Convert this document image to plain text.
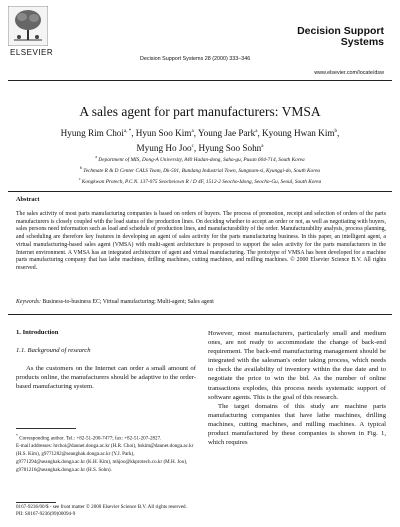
ELSEVIER
Decision Support Systems 28 (2000) 333–346
Decision Support
Systems
www.elsevier.com/locate/dsw
A sales agent for part manufacturers: VMSA
Hyung Rim Choi$^{a, *}$, Hyun Soo Kim$^a$, Young Jae Park$^a$, Kyoung Hwan Kim$^b$,
Myung Ho Joo$^c$, Hyung Soo Sohn$^a$
$^a$ Department of MIS, Dong-A University, 840 Hadan-dong, Saha-gu, Pusan 604-714, South Korea
$^b$ Techmate R & D Center CALS Team, Dk-501, Bundang Industrial Town, Sungnam-si, Kyunggi-do, South Korea
$^c$ Kongkwan Protech, P.C.N. 137-075 Seocheiown R / D 4F, 1512-2 Seocho-Idong, Seocho-Gu, Seoul, South Korea
Abstract
The sales activity of most parts manufacturing companies is based on orders of buyers. The process of promotion, receipt and selection of orders of the parts manufacturers is closely coupled with the load status of the production lines. On deciding whether to accept an order or not, as well as negotiating with buyers, sales persons need information such as load and schedule of production lines, and manufacturability of the order. Manufacturability analysis, process planning, and scheduling are therefore key features in developing an agent of sales activity for the parts manufacturing business. In this paper, an intelligent agent, a virtual manufacturing-based sales agent (VMSA) with multi-agent architecture is proposed to support the sales activity for the parts manufacturers in the Internet environment. A VMSA has an integrated architecture of agent and virtual manufacturing. The prototype of VMSA has been developed for a machine parts manufacturing company that has lathe machines, drilling machines, cutting machines, and milling machines. © 2000 Elsevier Science B.V. All rights reserved.
Keywords: Business-to-business EC; Virtual manufacturing; Multi-agent; Sales agent
1. Introduction
1.1. Background of research
As the customers on the Internet can order a small amount of products online, the manufacturers should be adaptive to the order-based manufacturing system.
* Corresponding author. Tel.: +82-51-200-7477; fax: +82-51-207-2827.
E-mail addresses: hrchoi@daunet.donga.ac.kr (H.R. Choi), hskim@daunet.donga.ac.kr (H.S. Kim), g9771282@seanghak.donga.ac.kr (Y.J. Park), g9771294@seanghak.donga.ac.kr (K.H. Kim), mhjoo@kkprotech.co.kr (M.H. Joo), g9781216@seanghak.donga.ac.kr (H.S. Sohn).

However, most manufacturers, particularly small and medium ones, are not ready to accommodate the change of back-end requirement. The back-end manufacturing management should be integrated with the salesman's order taking process, which needs to check the availability of inventory within the due date and to negotiate the price to win the bid. As the number of online transactions explodes, this process needs systematic support of software agents. This is the goal of this research.

The target domains of this study are machine parts manufacturing companies that have lathe machines, drilling machines, cutting machines, and milling machines. A typical product manufactured by these companies is shown in Fig. 1, which requires

0167-9236/00/$ - see front matter © 2000 Elsevier Science B.V. All rights reserved.
PII: S0167-9236(99)00094-9
